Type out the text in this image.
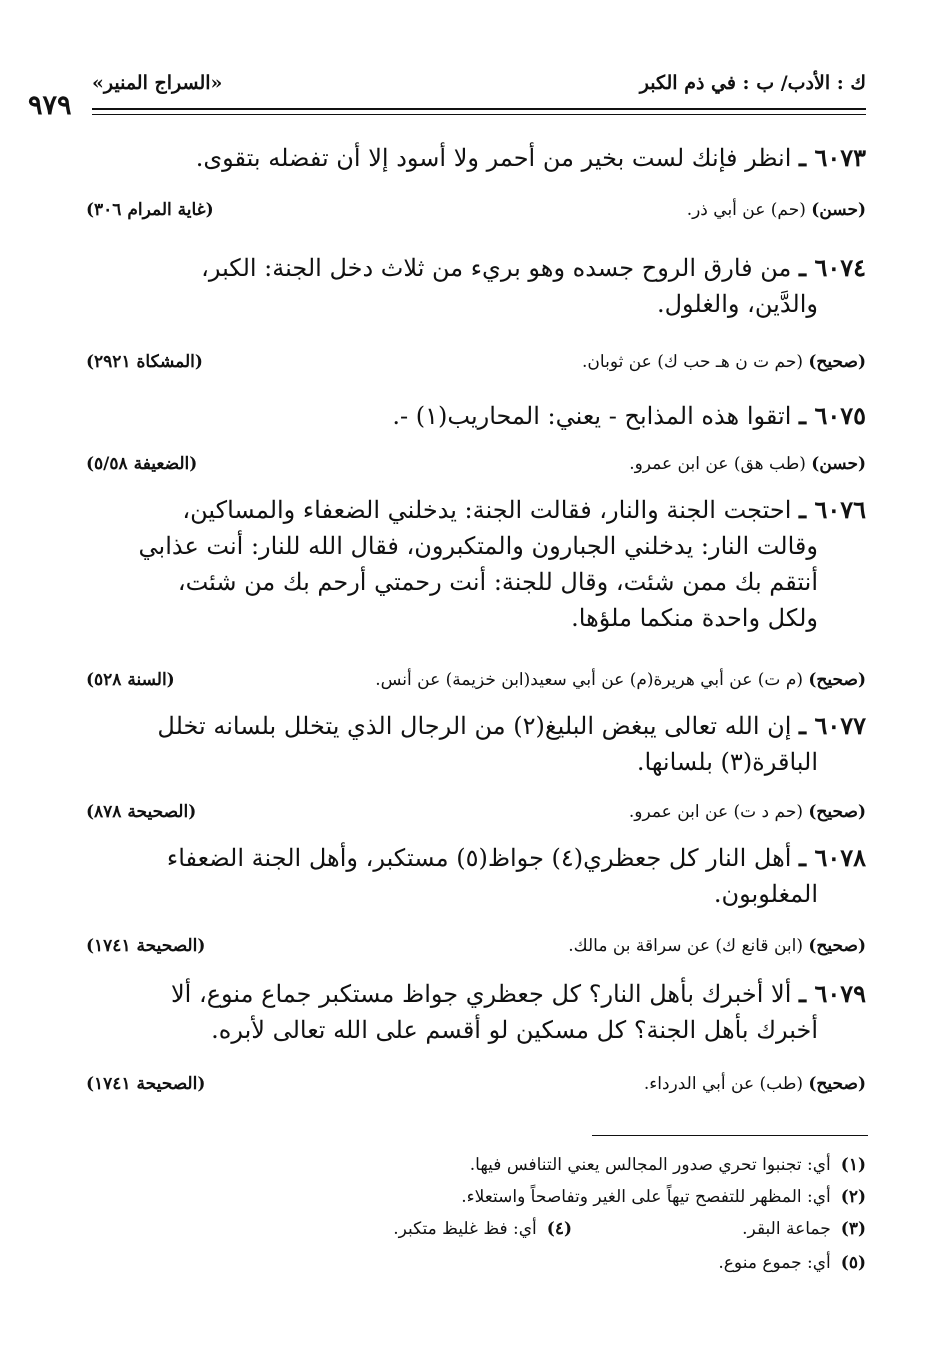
ك : الأدب/ ب : في ذم الكبر
«السراج المنير»
٩٧٩
٦٠٧٣ ـ انظر فإنك لست بخير من أحمر ولا أسود إلا أن تفضله بتقوى.
(حسن) (حم) عن أبي ذر.
(غاية المرام ٣٠٦)
٦٠٧٤ ـ من فارق الروح جسده وهو بريء من ثلاث دخل الجنة: الكبر،
والدَّين، والغلول.
(صحيح) (حم ت ن هـ حب ك) عن ثوبان.
(المشكاة ٢٩٢١)
٦٠٧٥ ـ اتقوا هذه المذابح - يعني: المحاريب(١) -.
(حسن) (طب هق) عن ابن عمرو.
(الضعيفة ٥/٥٨)
٦٠٧٦ ـ احتجت الجنة والنار، فقالت الجنة: يدخلني الضعفاء والمساكين،
وقالت النار: يدخلني الجبارون والمتكبرون، فقال الله للنار: أنت عذابي
أنتقم بك ممن شئت، وقال للجنة: أنت رحمتي أرحم بك من شئت،
ولكل واحدة منكما ملؤها.
(صحيح) (م ت) عن أبي هريرة(م) عن أبي سعيد(ابن خزيمة) عن أنس.
(السنة ٥٢٨)
٦٠٧٧ ـ إن الله تعالى يبغض البليغ(٢) من الرجال الذي يتخلل بلسانه تخلل
الباقرة(٣) بلسانها.
(صحيح) (حم د ت) عن ابن عمرو.
(الصحيحة ٨٧٨)
٦٠٧٨ ـ أهل النار كل جعظري(٤) جواظ(٥) مستكبر، وأهل الجنة الضعفاء
المغلوبون.
(صحيح) (ابن قانع ك) عن سراقة بن مالك.
(الصحيحة ١٧٤١)
٦٠٧٩ ـ ألا أخبرك بأهل النار؟ كل جعظري جواظ مستكبر جماع منوع، ألا
أخبرك بأهل الجنة؟ كل مسكين لو أقسم على الله تعالى لأبره.
(صحيح) (طب) عن أبي الدرداء.
(الصحيحة ١٧٤١)
(١)أي: تجنبوا تحري صدور المجالس يعني التنافس فيها.
(٢)أي: المظهر للتفصح تيهاً على الغير وتفاصحاً واستعلاء.
(٣)جماعة البقر.
(٤)أي: فظ غليظ متكبر.
(٥)أي: جموع منوع.
